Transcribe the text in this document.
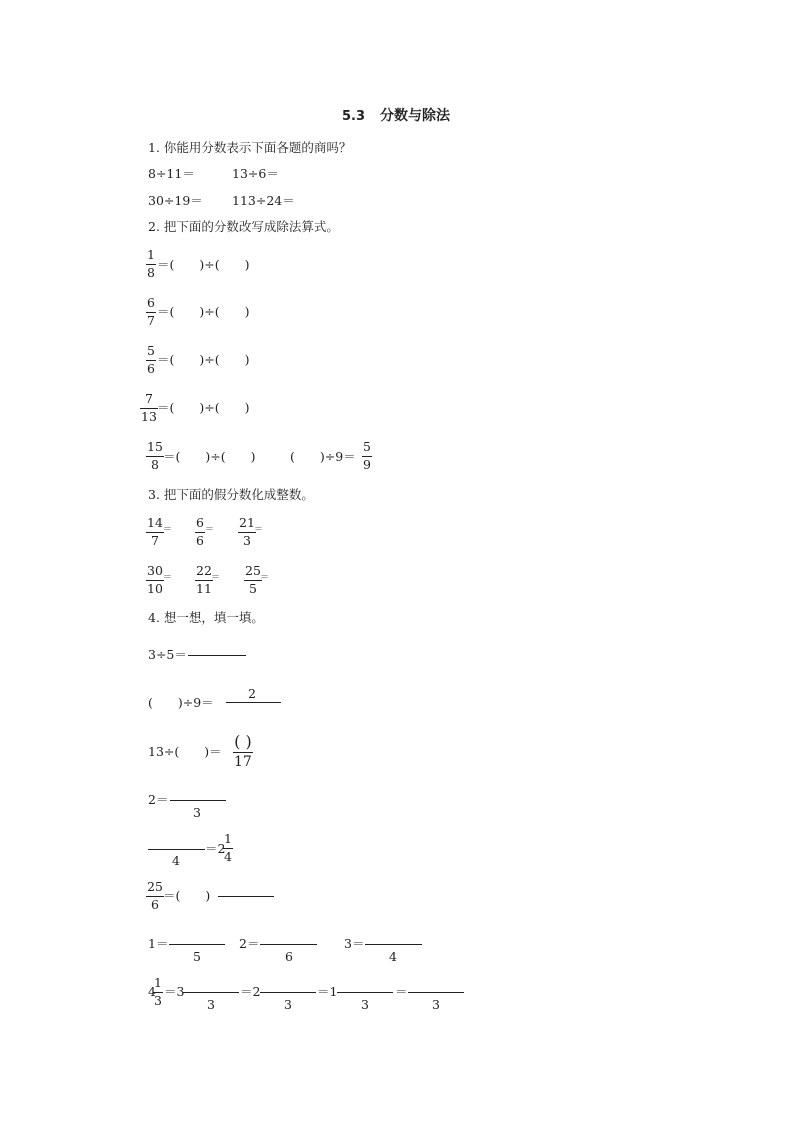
5.3 分数与除法
1. 你能用分数表示下面各题的商吗？
8÷11＝	13÷6＝
30÷19＝ 113÷24＝
2. 把下面的分数改写成除法算式。
1
8 ＝(　　)÷(　　)
6
7
＝(　　)÷(　　)
5
6
＝(　　)÷(　　)
7
13
＝(　　)÷(　　)
15
8 ＝(　　)÷(　　)	(　　)÷9＝
5
9
3. 把下面的假分数化成整数。
14
7
＝ 6
6
＝ 21
3
＝
30
10
＝ 22
11
＝ 25
5
＝
4. 想一想，填一填。
3÷5＝
(　　)÷9＝
2
13÷(　　)＝
( )
17
2＝
3
4
＝2
1
4
25
6
＝(　　)
1＝
5
2＝
6
3＝
4
4
1
3
＝3
3
＝2
3
＝1
3
＝
3
